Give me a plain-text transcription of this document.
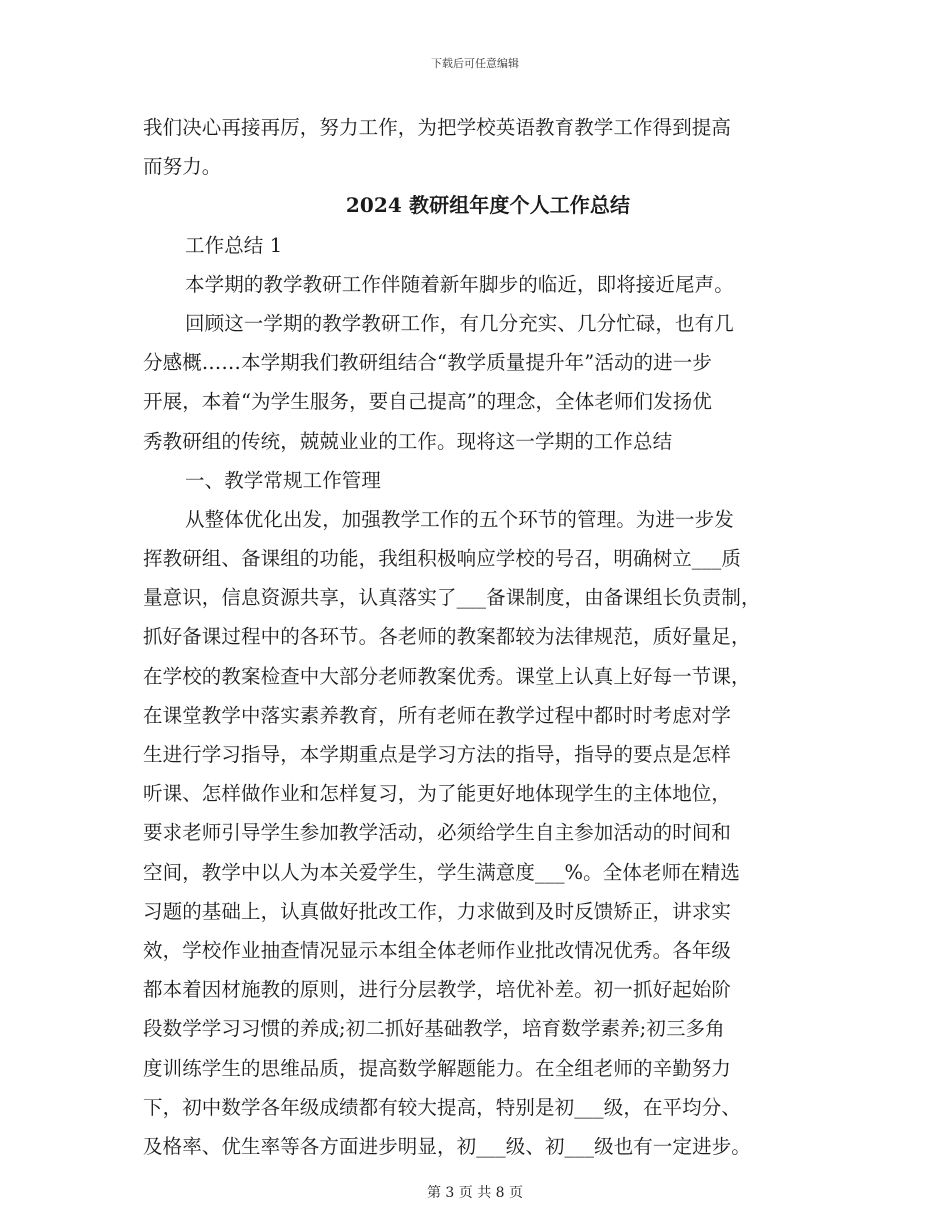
下载后可任意编辑
我们决心再接再厉，努力工作，为把学校英语教育教学工作得到提高
而努力。
2024 教研组年度个人工作总结
工作总结 1
本学期的教学教研工作伴随着新年脚步的临近，即将接近尾声。
回顾这一学期的教学教研工作，有几分充实、几分忙碌，也有几
分感概……本学期我们教研组结合“教学质量提升年”活动的进一步
开展，本着“为学生服务，要自己提高”的理念，全体老师们发扬优
秀教研组的传统，兢兢业业的工作。现将这一学期的工作总结
一、教学常规工作管理
从整体优化出发，加强教学工作的五个环节的管理。为进一步发
挥教研组、备课组的功能，我组积极响应学校的号召，明确树立___质
量意识，信息资源共享，认真落实了___备课制度，由备课组长负责制，
抓好备课过程中的各环节。各老师的教案都较为法律规范，质好量足，
在学校的教案检查中大部分老师教案优秀。课堂上认真上好每一节课，
在课堂教学中落实素养教育，所有老师在教学过程中都时时考虑对学
生进行学习指导，本学期重点是学习方法的指导，指导的要点是怎样
听课、怎样做作业和怎样复习，为了能更好地体现学生的主体地位，
要求老师引导学生参加教学活动，必须给学生自主参加活动的时间和
空间，教学中以人为本关爱学生，学生满意度___%。全体老师在精选
习题的基础上，认真做好批改工作，力求做到及时反馈矫正，讲求实
效，学校作业抽查情况显示本组全体老师作业批改情况优秀。各年级
都本着因材施教的原则，进行分层教学，培优补差。初一抓好起始阶
段数学学习习惯的养成;初二抓好基础教学，培育数学素养;初三多角
度训练学生的思维品质，提高数学解题能力。在全组老师的辛勤努力
下，初中数学各年级成绩都有较大提高，特别是初___级，在平均分、
及格率、优生率等各方面进步明显，初___级、初___级也有一定进步。
第 3 页 共 8 页
